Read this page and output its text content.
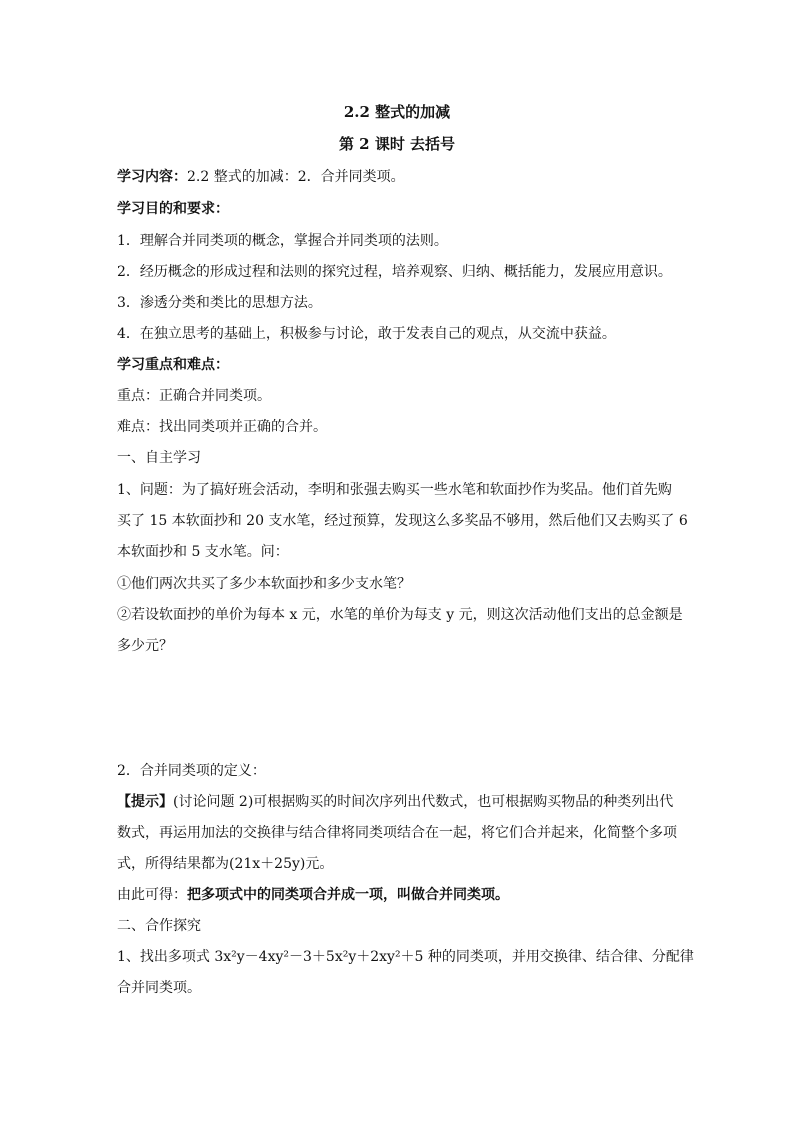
2.2 整式的加减
第 2 课时 去括号
学习内容：2.2 整式的加减：2．合并同类项。
学习目的和要求：
1．理解合并同类项的概念，掌握合并同类项的法则。
2．经历概念的形成过程和法则的探究过程，培养观察、归纳、概括能力，发展应用意识。
3．渗透分类和类比的思想方法。
4．在独立思考的基础上，积极参与讨论，敢于发表自己的观点，从交流中获益。
学习重点和难点：
重点：正确合并同类项。
难点：找出同类项并正确的合并。
一、自主学习
1、问题：为了搞好班会活动，李明和张强去购买一些水笔和软面抄作为奖品。他们首先购
买了 15 本软面抄和 20 支水笔，经过预算，发现这么多奖品不够用，然后他们又去购买了 6
本软面抄和 5 支水笔。问：
①他们两次共买了多少本软面抄和多少支水笔？
②若设软面抄的单价为每本 x 元，水笔的单价为每支 y 元，则这次活动他们支出的总金额是
多少元？
2．合并同类项的定义：
【提示】(讨论问题 2)可根据购买的时间次序列出代数式，也可根据购买物品的种类列出代
数式，再运用加法的交换律与结合律将同类项结合在一起，将它们合并起来，化简整个多项
式，所得结果都为(21x＋25y)元。
由此可得：把多项式中的同类项合并成一项，叫做合并同类项。
二、合作探究
1、找出多项式 3x²y－4xy²－3＋5x²y＋2xy²＋5 种的同类项，并用交换律、结合律、分配律
合并同类项。
